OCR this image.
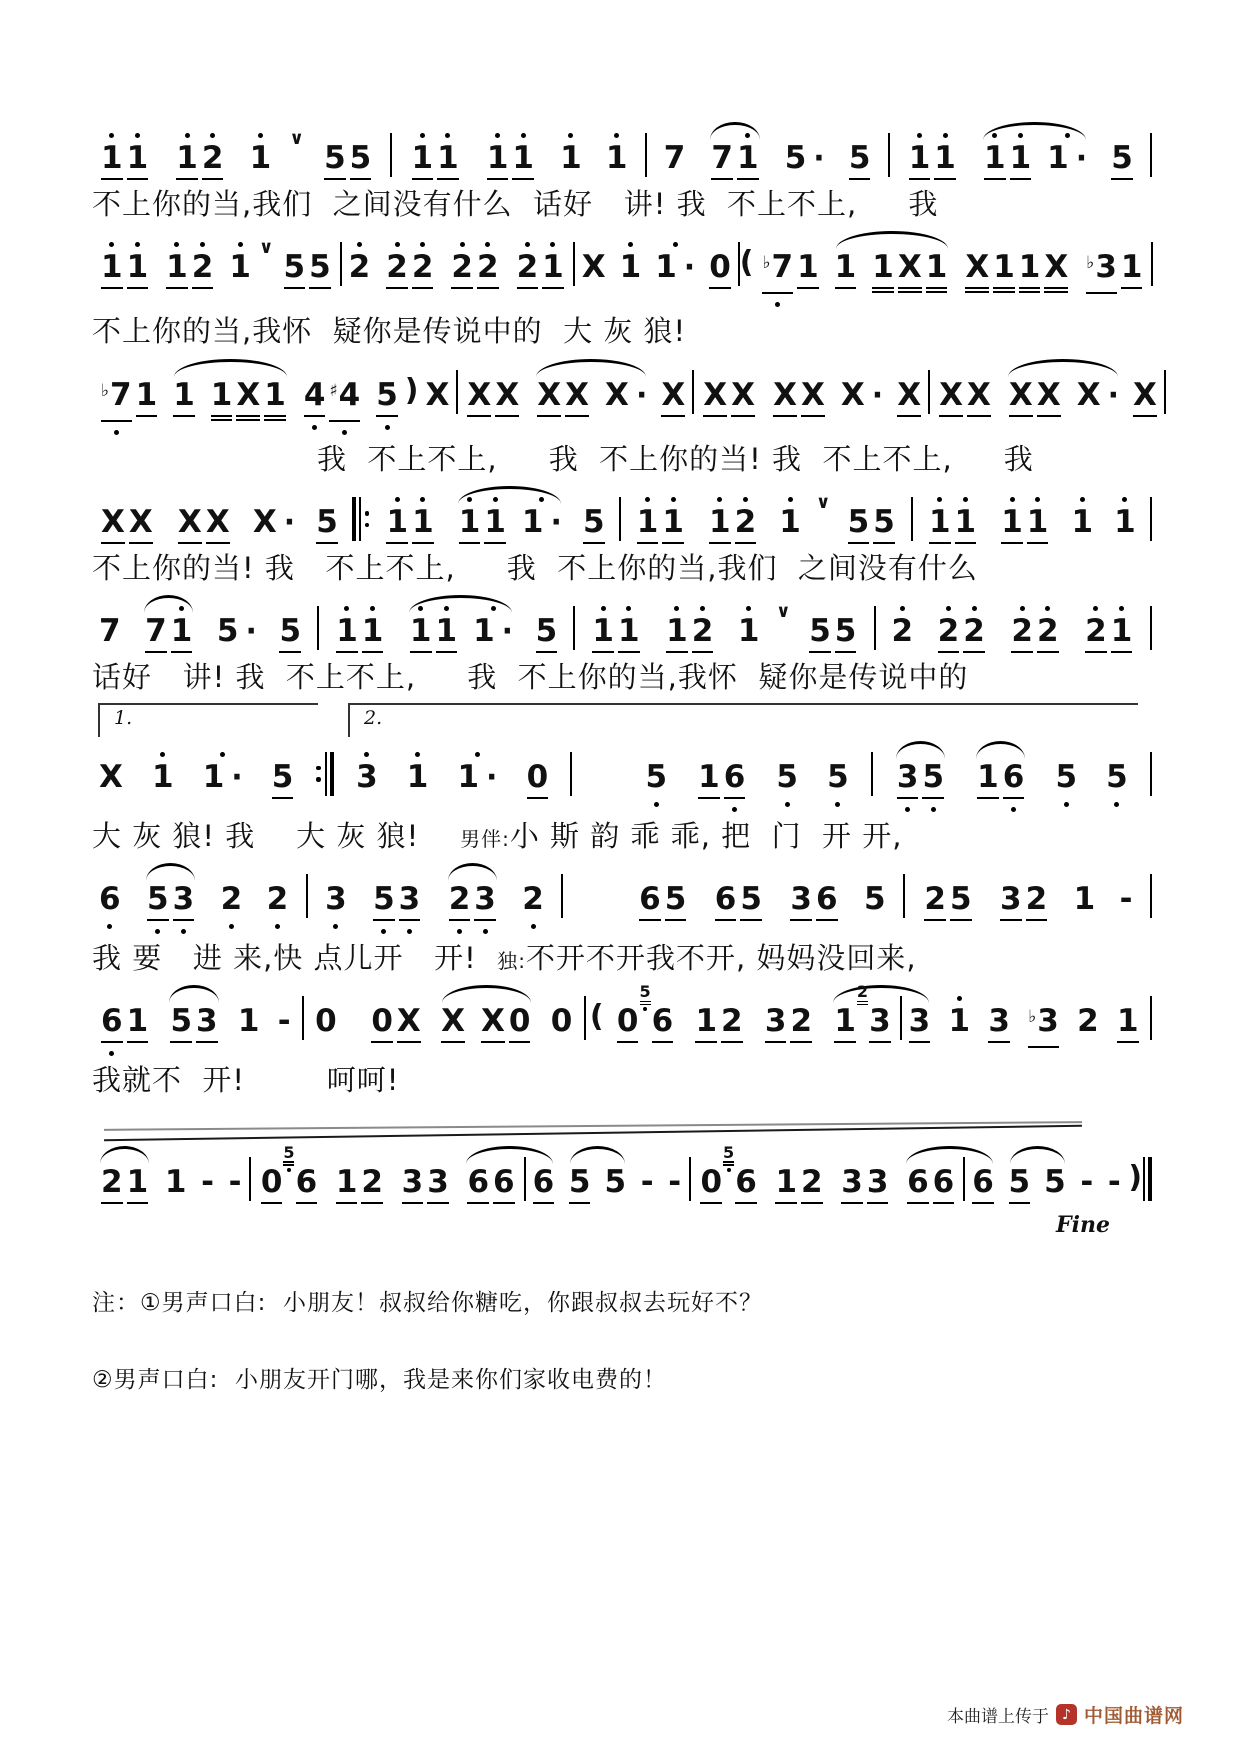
1 1 1 2 1
∨
5 5 1 1 1 1 1 1 7 7 1 5 · 5 1 1 1 1 1 · 5
不上你的当,我们  之间没有什么  话好   讲! 我  不上不上,     我
1 1 1 2 1
∨
5 5 2 2 2 2 2 2 1 X 1 1 · 0 ( ♭ 7 1 1 1 X 1 X 1 1 X ♭ 3 1
不上你的当,我怀  疑你是传说中的  大 灰 狼!
♭ 7 1 1 1 X 1 4 ♯ 4 5 ) X X X X X X · X X X X X X · X X X X X X · X
我  不上不上,     我  不上你的当! 我  不上不上,     我
X X X X X · 5 1 1 1 1 1 · 5 1 1 1 2 1
∨
5 5 1 1 1 1 1 1
不上你的当! 我   不上不上,     我  不上你的当,我们  之间没有什么
7 7 1 5 · 5 1 1 1 1 1 · 5 1 1 1 2 1
∨
5 5 2 2 2 2 2 2 1
话好   讲! 我  不上不上,     我  不上你的当,我怀  疑你是传说中的
1.	2.
X 1 1 · 5 3 1 1 · 0	5 1 6 5 5 3 5 1 6 5 5
大 灰 狼! 我    大 灰 狼!    男伴:小 斯 韵 乖 乖, 把  门  开 开,
6 5 3 2 2 3 5 3 2 3 2	6 5 6 5 3 6 5 2 5 3 2 1 -
我 要   进 来,快 点儿开   开!  独:不开不开我不开, 妈妈没回来,
6 1 5 3 1 - 0 0 X X X 0 0 ( 0
5
6 1 2 3 2 1
2
3 3 1 3 ♭ 3 2 1
我就不  开!        呵呵!
2 1 1 - - 0
5
6 1 2 3 3 6 6 6 5 5 - - 0
5
6 1 2 3 3 6 6 6 5 5 - - )
Fine
注：①男声口白:  小朋友！叔叔给你糖吃，你跟叔叔去玩好不？
②男声口白:  小朋友开门哪，我是来你们家收电费的！
本曲谱上传于 ♪ 中国曲谱网
